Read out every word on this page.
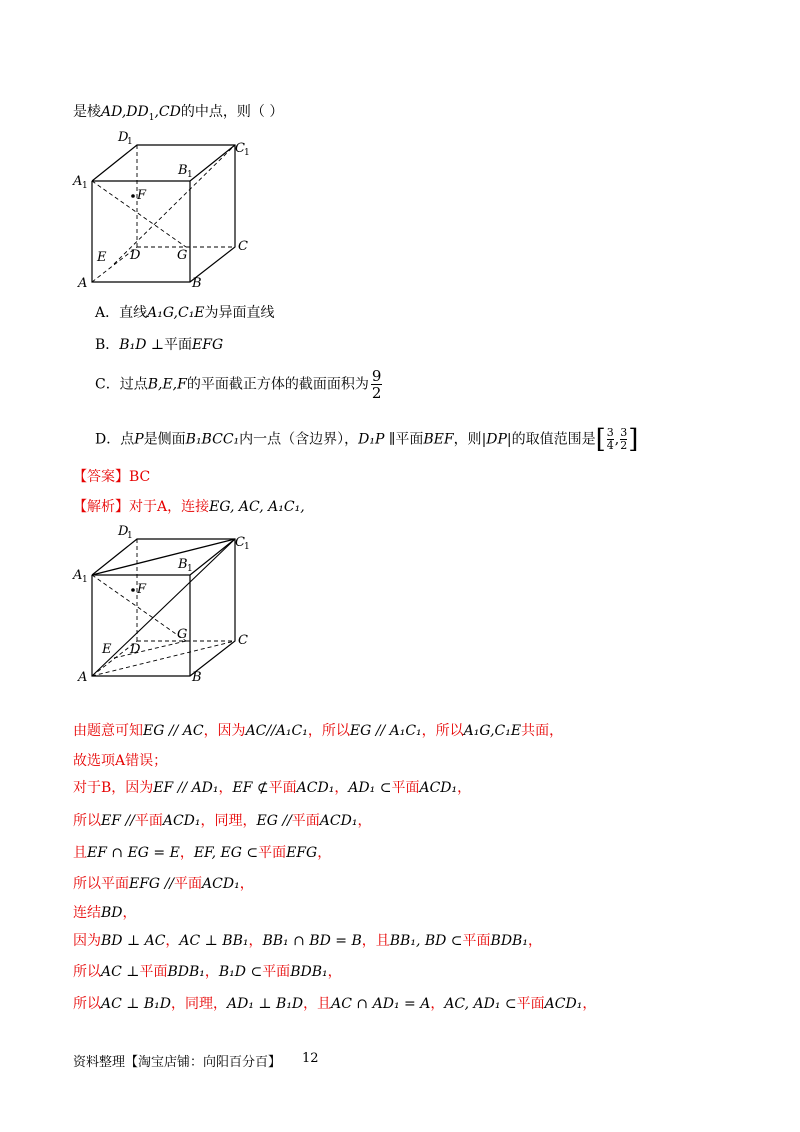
是棱$AD,DD_1,CD$的中点，则（ ）
D
1	C 1
B 1
A 1
F
C
D	G
E
A	B
A．直线A₁G,C₁E为异面直线
B．B₁D ⊥平面EFG
C．过点B,E,F的平面截正方体的截面面积为 $\frac{9}{2}$
D．点P是侧面B₁BCC₁内一点（含边界），D₁P ∥平面BEF，则|DP|的取值范围是[ $\frac{3}{4}$, $\frac{3}{2}$]
【答案】BC
【解析】对于A，连接EG, AC, A₁C₁,
D
1	C 1
B 1
A 1
F
C
D
G
E
A	B
由题意可知EG // AC，因为AC//A₁C₁，所以EG // A₁C₁，所以A₁G,C₁E共面，
故选项A错误；
对于B，因为EF // AD₁，EF ⊄平面ACD₁，AD₁ ⊂平面ACD₁，
所以EF //平面ACD₁，同理，EG //平面ACD₁，
且EF ∩ EG = E，EF, EG ⊂平面EFG，
所以平面EFG //平面ACD₁，
连结BD，
因为BD ⊥ AC，AC ⊥ BB₁，BB₁ ∩ BD = B，且BB₁, BD ⊂平面BDB₁，
所以AC ⊥平面BDB₁，B₁D ⊂平面BDB₁，
所以AC ⊥ B₁D，同理，AD₁ ⊥ B₁D，且AC ∩ AD₁ = A，AC, AD₁ ⊂平面ACD₁，
资料整理【淘宝店铺：向阳百分百】 12
